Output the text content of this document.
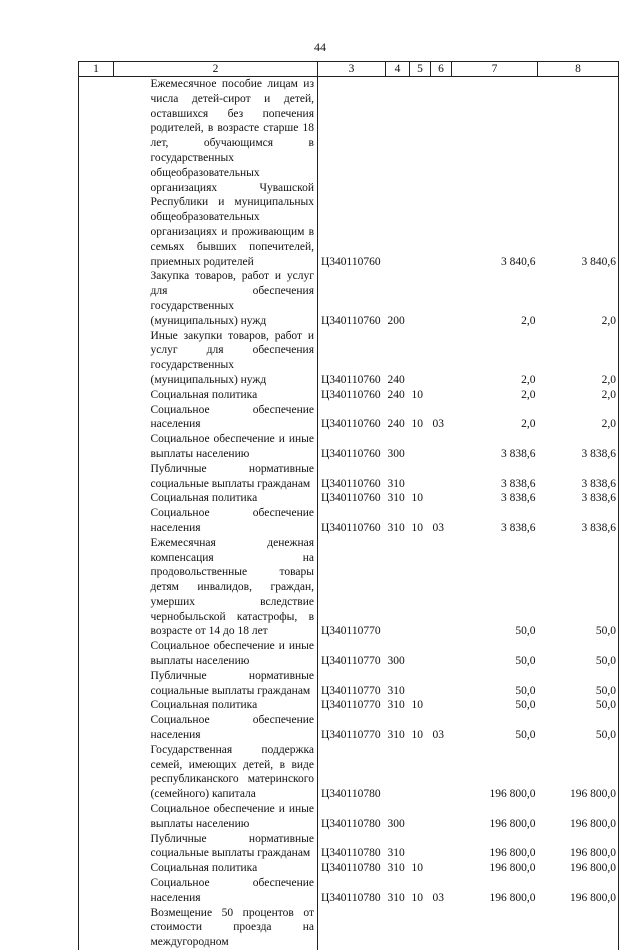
44
1	2	3	4	5	6	7	8
	Ежемесячное пособие лицам из числа детей-сирот и детей, оставшихся без попечения родителей, в возрасте старше 18 лет, обучающимся в государственных общеобразовательных организациях Чувашской Республики и муниципальных общеобразовательных организациях и проживающим в семьях бывших попечителей, приемных родителей	Ц340110760				3 840,6	3 840,6
	Закупка товаров, работ и услуг для обеспечения государственных (муниципальных) нужд	Ц340110760	200			2,0	2,0
	Иные закупки товаров, работ и услуг для обеспечения государственных (муниципальных) нужд	Ц340110760	240			2,0	2,0
	Социальная политика	Ц340110760	240	10		2,0	2,0
	Социальное обеспечение населения	Ц340110760	240	10	03	2,0	2,0
	Социальное обеспечение и иные выплаты населению	Ц340110760	300			3 838,6	3 838,6
	Публичные нормативные социальные выплаты гражданам	Ц340110760	310			3 838,6	3 838,6
	Социальная политика	Ц340110760	310	10		3 838,6	3 838,6
	Социальное обеспечение населения	Ц340110760	310	10	03	3 838,6	3 838,6
	Ежемесячная денежная компенсация на продовольственные товары детям инвалидов, граждан, умерших вследствие чернобыльской катастрофы, в возрасте от 14 до 18 лет	Ц340110770				50,0	50,0
	Социальное обеспечение и иные выплаты населению	Ц340110770	300			50,0	50,0
	Публичные нормативные социальные выплаты гражданам	Ц340110770	310			50,0	50,0
	Социальная политика	Ц340110770	310	10		50,0	50,0
	Социальное обеспечение населения	Ц340110770	310	10	03	50,0	50,0
	Государственная поддержка семей, имеющих детей, в виде республиканского материнского (семейного) капитала	Ц340110780				196 800,0	196 800,0
	Социальное обеспечение и иные выплаты населению	Ц340110780	300			196 800,0	196 800,0
	Публичные нормативные социальные выплаты гражданам	Ц340110780	310			196 800,0	196 800,0
	Социальная политика	Ц340110780	310	10		196 800,0	196 800,0
	Социальное обеспечение населения	Ц340110780	310	10	03	196 800,0	196 800,0
	Возмещение 50 процентов от стоимости проезда на междугородном						
